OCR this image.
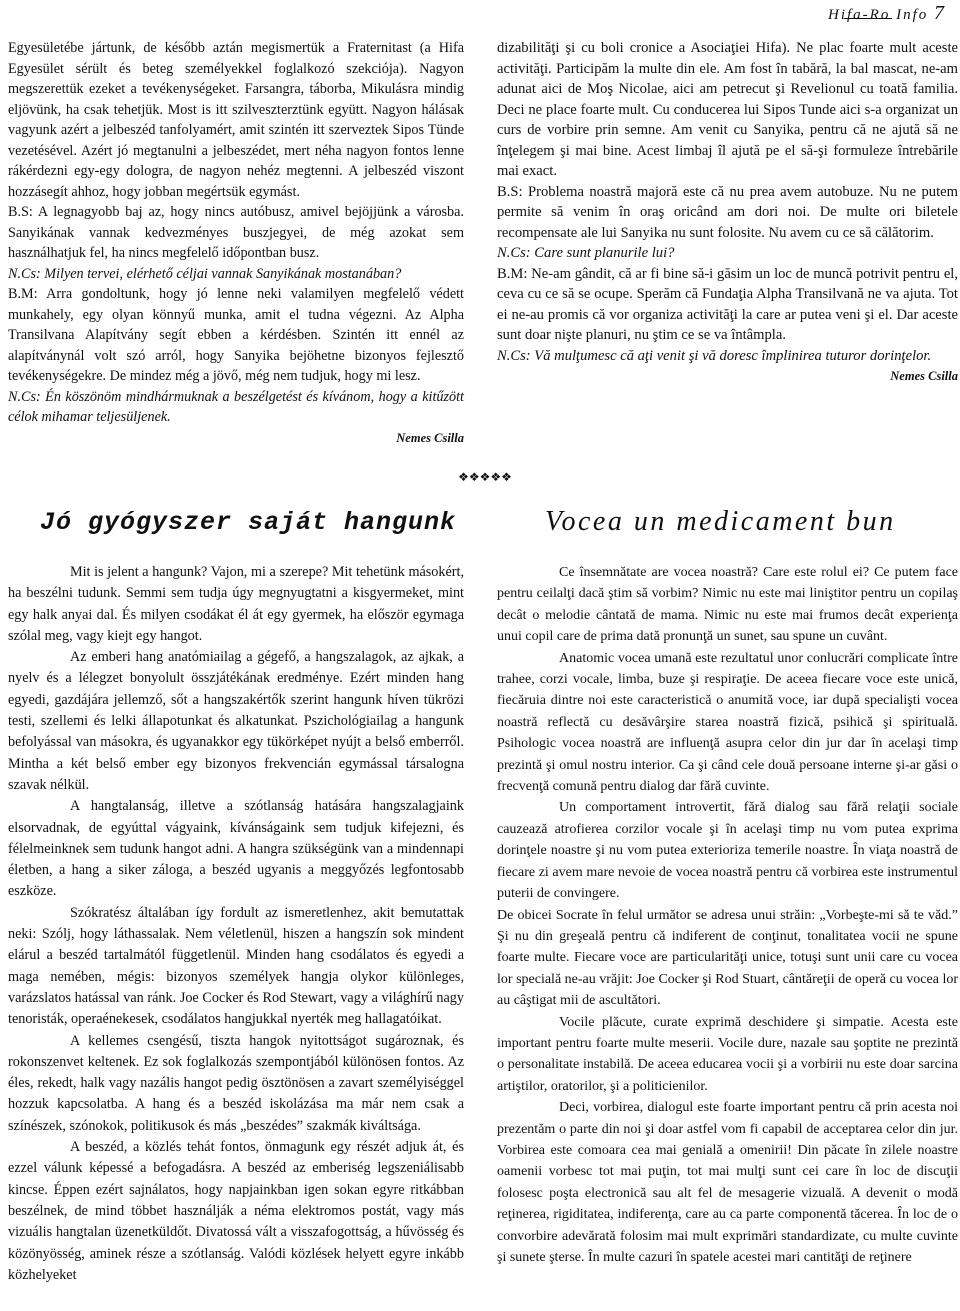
Hifa-Ro Info 7

Egyesületébe jártunk, de később aztán megismertük a Fraternitast (a Hifa Egyesület sérült és beteg személyekkel foglalkozó szekciója). Nagyon megszerettük ezeket a tevékenységeket. Farsangra, táborba, Mikulásra mindig eljövünk, ha csak tehetjük. Most is itt szilveszterztünk együtt. Nagyon hálásak vagyunk azért a jelbeszéd tanfolyamért, amit szintén itt szerveztek Sipos Tünde vezetésével. Azért jó megtanulni a jelbeszédet, mert néha nagyon fontos lenne rákérdezni egy-egy dologra, de nagyon nehéz megtenni. A jelbeszéd viszont hozzásegít ahhoz, hogy jobban megértsük egymást.

B.S: A legnagyobb baj az, hogy nincs autóbusz, amivel bejöjjünk a városba. Sanyikának vannak kedvezményes buszjegyei, de még azokat sem használhatjuk fel, ha nincs megfelelő időpontban busz.

N.Cs: Milyen tervei, elérhető céljai vannak Sanyikának mostanában?

B.M: Arra gondoltunk, hogy jó lenne neki valamilyen megfelelő védett munkahely, egy olyan könnyű munka, amit el tudna végezni. Az Alpha Transilvana Alapítvány segít ebben a kérdésben. Szintén itt ennél az alapítványnál volt szó arról, hogy Sanyika bejöhetne bizonyos fejlesztő tevékenységekre. De mindez még a jövő, még nem tudjuk, hogy mi lesz.

N.Cs: Én köszönöm mindhármuknak a beszélgetést és kívánom, hogy a kitűzött célok mihamar teljesüljenek.

Nemes Csilla

dizabilităţi şi cu boli cronice a Asociaţiei Hifa). Ne plac foarte mult aceste activităţi. Participăm la multe din ele. Am fost în tabără, la bal mascat, ne-am adunat aici de Moş Nicolae, aici am petrecut şi Revelionul cu toată familia. Deci ne place foarte mult. Cu conducerea lui Sipos Tunde aici s-a organizat un curs de vorbire prin semne. Am venit cu Sanyika, pentru că ne ajută să ne înţelegem şi mai bine. Acest limbaj îl ajută pe el să-şi formuleze întrebările mai exact.

B.S: Problema noastră majoră este că nu prea avem autobuze. Nu ne putem permite să venim în oraş oricând am dori noi. De multe ori biletele recompensate ale lui Sanyika nu sunt folosite. Nu avem cu ce să călătorim.

N.Cs: Care sunt planurile lui?

B.M: Ne-am gândit, că ar fi bine să-i găsim un loc de muncă potrivit pentru el, ceva cu ce să se ocupe. Sperăm că Fundaţia Alpha Transilvană ne va ajuta. Tot ei ne-au promis că vor organiza activităţi la care ar putea veni şi el. Dar aceste sunt doar nişte planuri, nu ştim ce se va întâmpla.

N.Cs: Vă mulţumesc că aţi venit şi vă doresc împlinirea tuturor dorinţelor.

Nemes Csilla

❖❖❖❖❖
Jó gyógyszer saját hangunk	Vocea un medicament bun

Mit is jelent a hangunk? Vajon, mi a szerepe? Mit tehetünk másokért, ha beszélni tudunk. Semmi sem tudja úgy megnyugtatni a kisgyermeket, mint egy halk anyai dal. És milyen csodákat él át egy gyermek, ha először egymaga szólal meg, vagy kiejt egy hangot.

Az emberi hang anatómiailag a gégefő, a hangszalagok, az ajkak, a nyelv és a lélegzet bonyolult összjátékának eredménye. Ezért minden hang egyedi, gazdájára jellemző, sőt a hangszakértők szerint hangunk híven tükrözi testi, szellemi és lelki állapotunkat és alkatunkat. Pszichológiailag a hangunk befolyással van másokra, és ugyanakkor egy tükörképet nyújt a belső emberről. Mintha a két belső ember egy bizonyos frekvencián egymással társalogna szavak nélkül.

A hangtalanság, illetve a szótlanság hatására hangszalagjaink elsorvadnak, de egyúttal vágyaink, kívánságaink sem tudjuk kifejezni, és félelmeinknek sem tudunk hangot adni. A hangra szükségünk van a mindennapi életben, a hang a siker záloga, a beszéd ugyanis a meggyőzés legfontosabb eszköze.

Szókratész általában így fordult az ismeretlenhez, akit bemutattak neki: Szólj, hogy láthassalak. Nem véletlenül, hiszen a hangszín sok mindent elárul a beszéd tartalmától függetlenül. Minden hang csodálatos és egyedi a maga nemében, mégis: bizonyos személyek hangja olykor különleges, varázslatos hatással van ránk. Joe Cocker és Rod Stewart, vagy a világhírű nagy tenoristák, operaénekesek, csodálatos hangjukkal nyerték meg hallagatóikat.

A kellemes csengésű, tiszta hangok nyitottságot sugároznak, és rokonszenvet keltenek. Ez sok foglalkozás szempontjából különösen fontos. Az éles, rekedt, halk vagy nazális hangot pedig ösztönösen a zavart személyiséggel hozzuk kapcsolatba. A hang és a beszéd iskolázása ma már nem csak a színészek, szónokok, politikusok és más „beszédes” szakmák kiváltsága.

A beszéd, a közlés tehát fontos, önmagunk egy részét adjuk át, és ezzel válunk képessé a befogadásra. A beszéd az emberiség legszeniálisabb kincse. Éppen ezért sajnálatos, hogy napjainkban igen sokan egyre ritkábban beszélnek, de mind többet használják a néma elektromos postát, vagy más vizuális hangtalan üzenetküldőt. Divatossá vált a visszafogottság, a hűvösség és közönyösség, aminek része a szótlanság. Valódi közlések helyett egyre inkább közhelyeket

Ce însemnătate are vocea noastră? Care este rolul ei? Ce putem face pentru ceilalţi dacă ştim să vorbim? Nimic nu este mai liniştitor pentru un copilaş decât o melodie cântată de mama. Nimic nu este mai frumos decât experienţa unui copil care de prima dată pronunţă un sunet, sau spune un cuvânt.

Anatomic vocea umană este rezultatul unor conlucrări complicate între trahee, corzi vocale, limba, buze şi respiraţie. De aceea fiecare voce este unică, fiecăruia dintre noi este caracteristică o anumită voce, iar după specialişti vocea noastră reflectă cu desăvârşire starea noastră fizică, psihică şi spirituală. Psihologic vocea noastră are influenţă asupra celor din jur dar în acelaşi timp prezintă şi omul nostru interior. Ca şi când cele două persoane interne şi-ar găsi o frecvenţă comună pentru dialog dar fără cuvinte.

Un comportament introvertit, fără dialog sau fără relaţii sociale cauzează atrofierea corzilor vocale şi în acelaşi timp nu vom putea exprima dorinţele noastre şi nu vom putea exterioriza temerile noastre. În viaţa noastră de fiecare zi avem mare nevoie de vocea noastră pentru că vorbirea este instrumentul puterii de convingere.

De obicei Socrate în felul următor se adresa unui străin: „Vorbeşte-mi să te văd.” Şi nu din greşeală pentru că indiferent de conţinut, tonalitatea vocii ne spune foarte multe. Fiecare voce are particularităţi unice, totuşi sunt unii care cu vocea lor specială ne-au vrăjit: Joe Cocker şi Rod Stuart, cântăreţii de operă cu vocea lor au câştigat mii de ascultători.

Vocile plăcute, curate exprimă deschidere şi simpatie. Acesta este important pentru foarte multe meserii. Vocile dure, nazale sau şoptite ne prezintă o personalitate instabilă. De aceea educarea vocii şi a vorbirii nu este doar sarcina artiştilor, oratorilor, şi a politicienilor.

Deci, vorbirea, dialogul este foarte important pentru că prin acesta noi prezentăm o parte din noi şi doar astfel vom fi capabil de acceptarea celor din jur. Vorbirea este comoara cea mai genială a omenirii! Din păcate în zilele noastre oamenii vorbesc tot mai puţin, tot mai mulţi sunt cei care în loc de discuţii folosesc poşta electronică sau alt fel de mesagerie vizuală. A devenit o modă reţinerea, rigiditatea, indiferenţa, care au ca parte componentă tăcerea. În loc de o convorbire adevărată folosim mai mult exprimări standardizate, cu multe cuvinte şi sunete şterse. În multe cazuri în spatele acestei mari cantităţi de reţinere
